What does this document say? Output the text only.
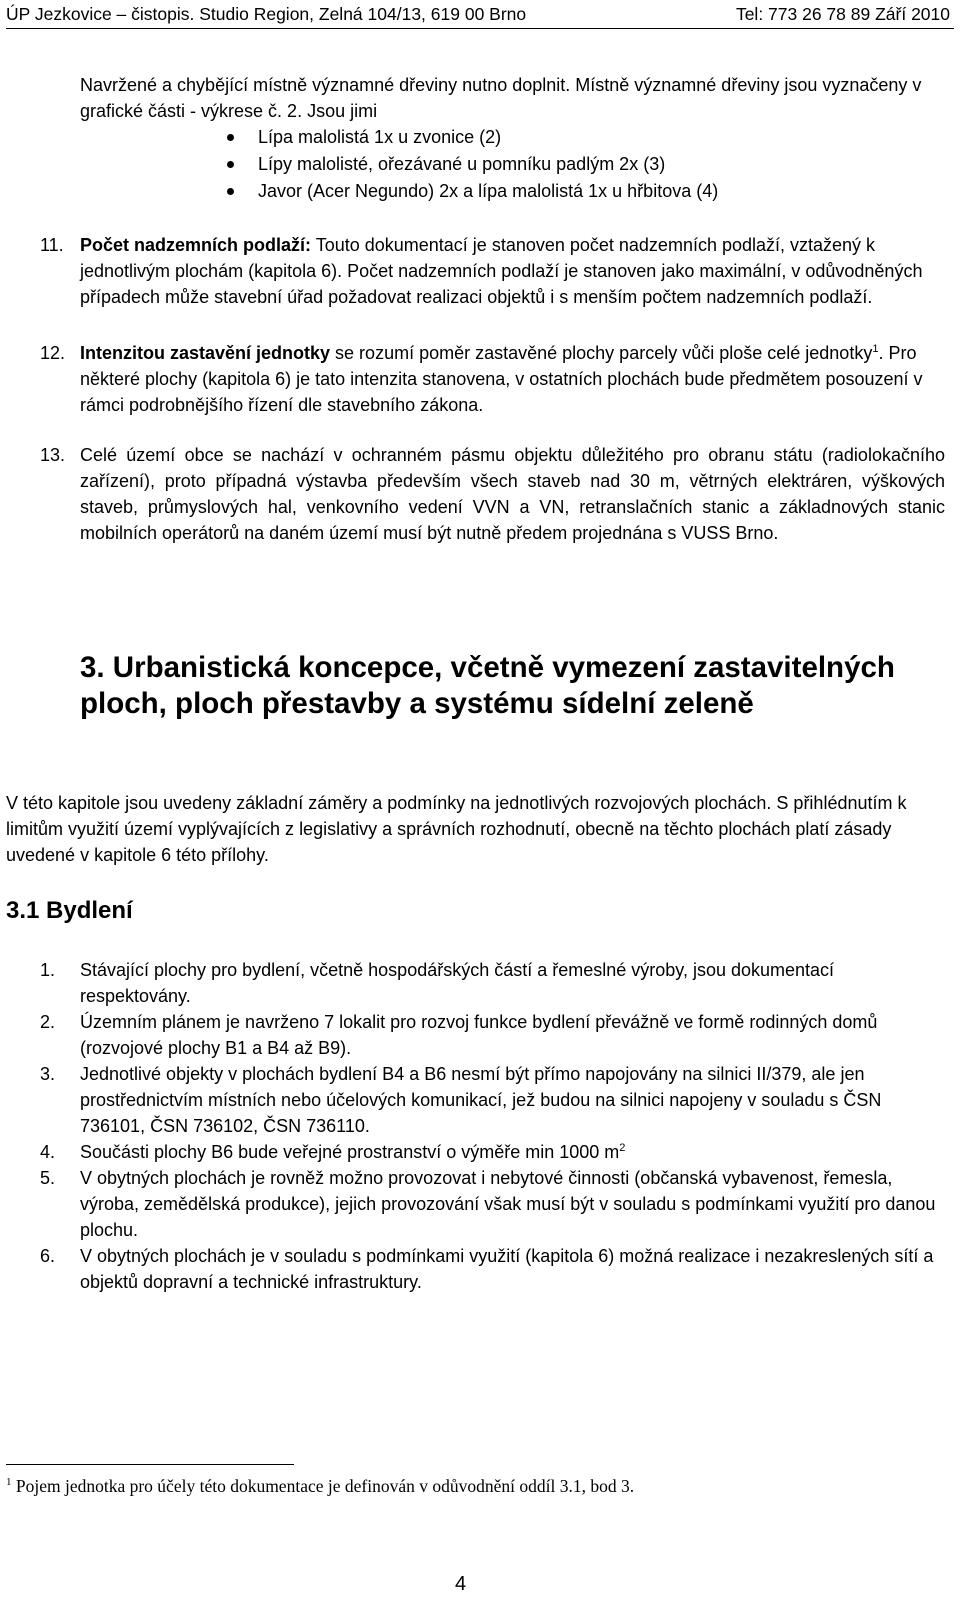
ÚP Jezkovice – čistopis. Studio Region, Zelná 104/13, 619 00 Brno	Tel: 773 26 78 89 Září 2010
Navržené a chybějící místně významné dřeviny nutno doplnit. Místně významné dřeviny jsou vyznačeny v grafické části - výkrese č. 2. Jsou jimi
Lípa malolistá 1x u zvonice (2)
Lípy malolisté, ořezávané u pomníku padlým 2x (3)
Javor (Acer Negundo) 2x a lípa malolistá 1x u hřbitova (4)
11. Počet nadzemních podlaží: Touto dokumentací je stanoven počet nadzemních podlaží, vztažený k jednotlivým plochám (kapitola 6). Počet nadzemních podlaží je stanoven jako maximální, v odůvodněných případech může stavební úřad požadovat realizaci objektů i s menším počtem nadzemních podlaží.
12. Intenzitou zastavění jednotky se rozumí poměr zastavěné plochy parcely vůči ploše celé jednotky$^1$. Pro některé plochy (kapitola 6) je tato intenzita stanovena, v ostatních plochách bude předmětem posouzení v rámci podrobnějšího řízení dle stavebního zákona.
13. Celé území obce se nachází v ochranném pásmu objektu důležitého pro obranu státu (radiolokačního zařízení), proto případná výstavba především všech staveb nad 30 m, větrných elektráren, výškových staveb, průmyslových hal, venkovního vedení VVN a VN, retranslačních stanic a základnových stanic mobilních operátorů na daném území musí být nutně předem projednána s VUSS Brno.
3. Urbanistická koncepce, včetně vymezení zastavitelných ploch, ploch přestavby a systému sídelní zeleně
V této kapitole jsou uvedeny základní záměry a podmínky na jednotlivých rozvojových plochách. S přihlédnutím k limitům využití území vyplývajících z legislativy a správních rozhodnutí, obecně na těchto plochách platí zásady uvedené v kapitole 6 této přílohy.
3.1 Bydlení
1. Stávající plochy pro bydlení, včetně hospodářských částí a řemeslné výroby, jsou dokumentací respektovány.
2. Územním plánem je navrženo 7 lokalit pro rozvoj funkce bydlení převážně ve formě rodinných domů (rozvojové plochy B1 a B4 až B9).
3. Jednotlivé objekty v plochách bydlení B4 a B6 nesmí být přímo napojovány na silnici II/379, ale jen prostřednictvím místních nebo účelových komunikací, jež budou na silnici napojeny v souladu s ČSN 736101, ČSN 736102, ČSN 736110.
4. Součásti plochy B6 bude veřejné prostranství o výměře min 1000 $m^2$
5. V obytných plochách je rovněž možno provozovat i nebytové činnosti (občanská vybavenost, řemesla, výroba, zemědělská produkce), jejich provozování však musí být v souladu s podmínkami využití pro danou plochu.
6. V obytných plochách je v souladu s podmínkami využití (kapitola 6) možná realizace i nezakreslených sítí a objektů dopravní a technické infrastruktury.
$^1$ Pojem jednotka pro účely této dokumentace je definován v odůvodnění oddíl 3.1, bod 3.
4
